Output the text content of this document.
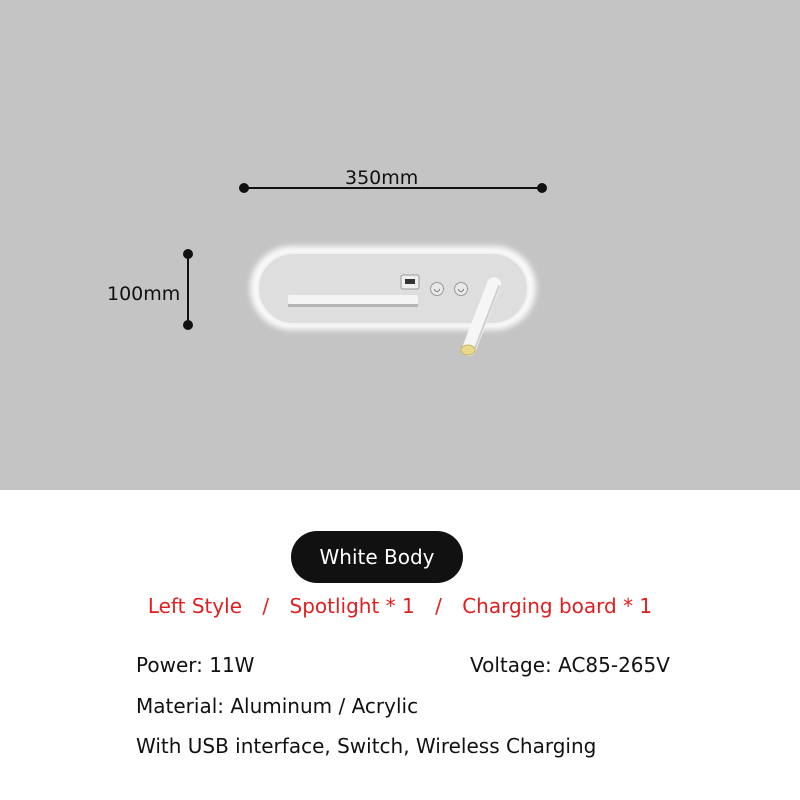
350mm
100mm
White Body
Left Style / Spotlight * 1 / Charging board * 1
Power: 11W	Voltage: AC85-265V
Material: Aluminum / Acrylic
With USB interface, Switch, Wireless Charging
